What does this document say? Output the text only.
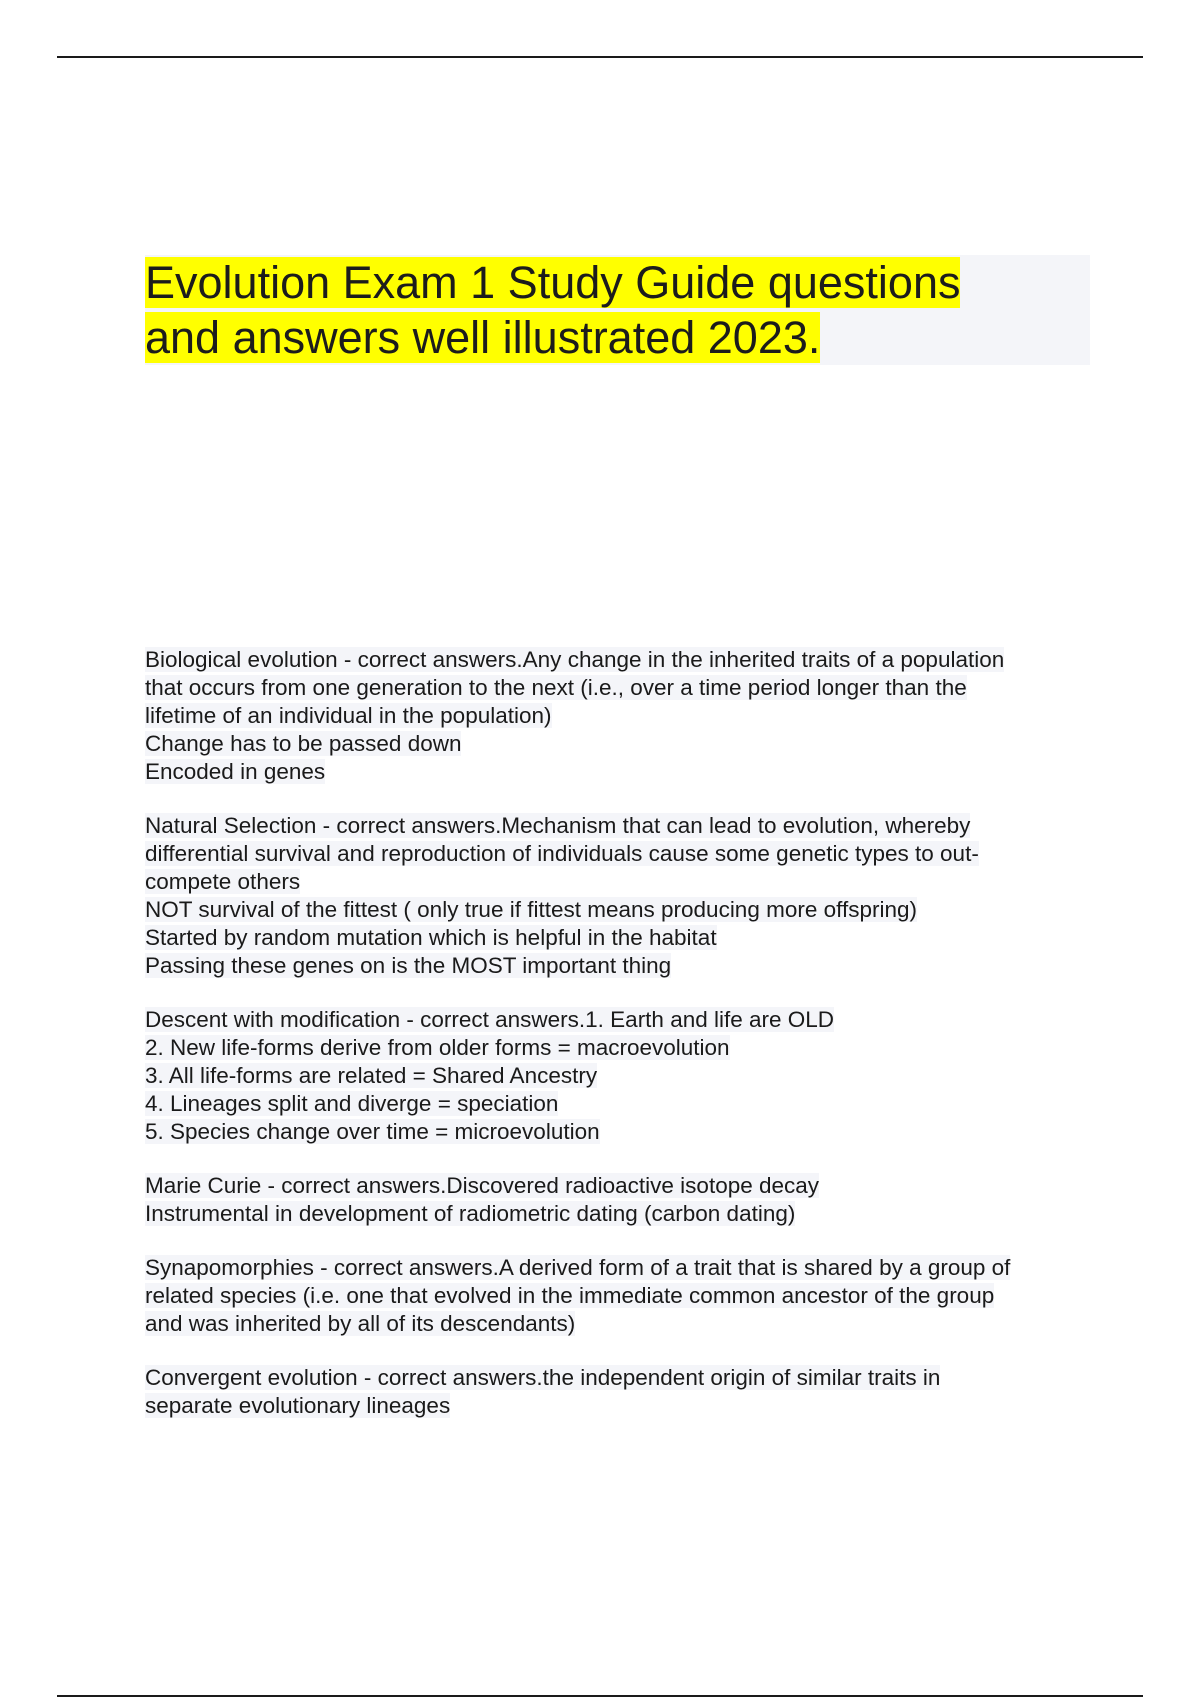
Evolution Exam 1 Study Guide questions
and answers well illustrated 2023.
Biological evolution - correct answers.Any change in the inherited traits of a population
that occurs from one generation to the next (i.e., over a time period longer than the
lifetime of an individual in the population)
Change has to be passed down
Encoded in genes
Natural Selection - correct answers.Mechanism that can lead to evolution, whereby
differential survival and reproduction of individuals cause some genetic types to out-
compete others
NOT survival of the fittest ( only true if fittest means producing more offspring)
Started by random mutation which is helpful in the habitat
Passing these genes on is the MOST important thing
Descent with modification - correct answers.1. Earth and life are OLD
2. New life-forms derive from older forms = macroevolution
3. All life-forms are related = Shared Ancestry
4. Lineages split and diverge = speciation
5. Species change over time = microevolution
Marie Curie - correct answers.Discovered radioactive isotope decay
Instrumental in development of radiometric dating (carbon dating)
Synapomorphies - correct answers.A derived form of a trait that is shared by a group of
related species (i.e. one that evolved in the immediate common ancestor of the group
and was inherited by all of its descendants)
Convergent evolution - correct answers.the independent origin of similar traits in
separate evolutionary lineages
